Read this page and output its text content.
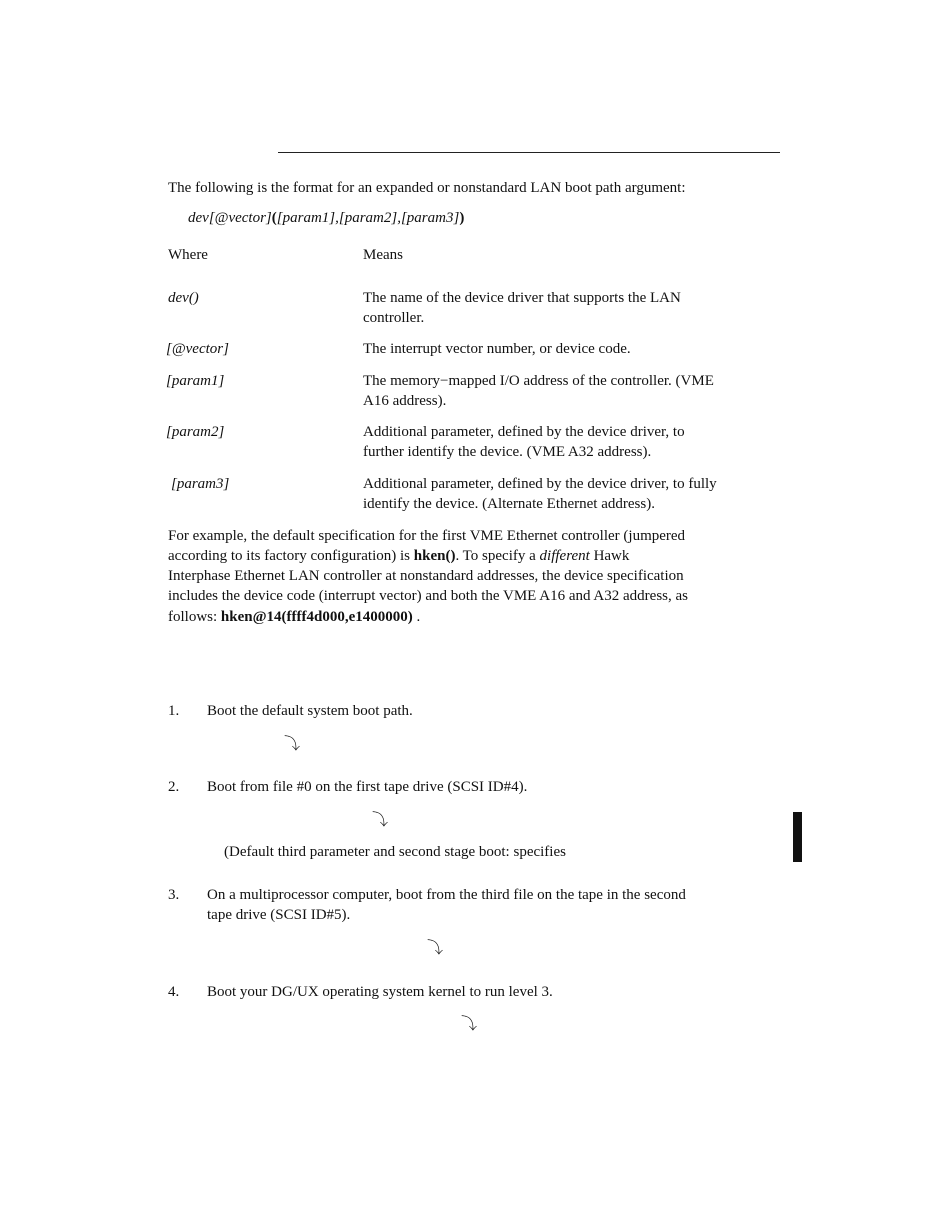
The following is the format for an expanded or nonstandard LAN boot path argument:
dev[@vector]([param1],[param2],[param3])
Where	Means
dev()	The name of the device driver that supports the LAN
controller.
[@vector]	The interrupt vector number, or device code.
[param1]	The memory−mapped I/O address of the controller. (VME
A16 address).
[param2]	Additional parameter, defined by the device driver, to
further identify the device. (VME A32 address).
[param3]	Additional parameter, defined by the device driver, to fully
identify the device. (Alternate Ethernet address).
For example, the default specification for the first VME Ethernet controller (jumpered
according to its factory configuration) is hken(). To specify a different Hawk
Interphase Ethernet LAN controller at nonstandard addresses, the device specification
includes the device code (interrupt vector) and both the VME A16 and A32 address, as
follows: hken@14(ffff4d000,e1400000) .
1. Boot the default system boot path.
⤵
2. Boot from file #0 on the first tape drive (SCSI ID#4).
⤵
(Default third parameter and second stage boot: specifies
3. On a multiprocessor computer, boot from the third file on the tape in the second
tape drive (SCSI ID#5).
⤵
4. Boot your DG/UX operating system kernel to run level 3.
⤵
